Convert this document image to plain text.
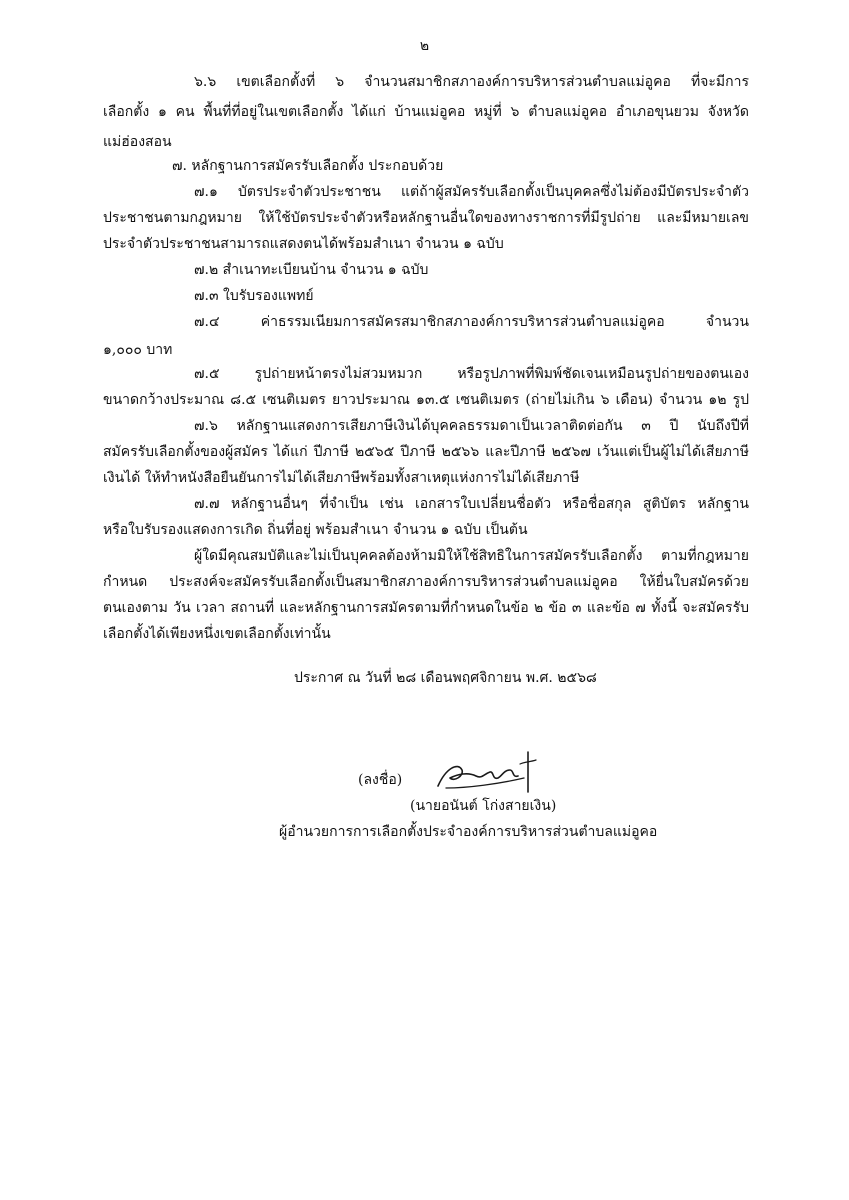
๒
๖.๖ เขตเลือกตั้งที่ ๖ จำนวนสมาชิกสภาองค์การบริหารส่วนตำบลแม่อูคอ ที่จะมีการ
เลือกตั้ง ๑ คน พื้นที่ที่อยู่ในเขตเลือกตั้ง ได้แก่ บ้านแม่อูคอ หมู่ที่ ๖ ตำบลแม่อูคอ อำเภอขุนยวม จังหวัด
แม่ฮ่องสอน
๗. หลักฐานการสมัครรับเลือกตั้ง ประกอบด้วย
๗.๑ บัตรประจำตัวประชาชน แต่ถ้าผู้สมัครรับเลือกตั้งเป็นบุคคลซึ่งไม่ต้องมีบัตรประจำตัว
ประชาชนตามกฎหมาย ให้ใช้บัตรประจำตัวหรือหลักฐานอื่นใดของทางราชการที่มีรูปถ่าย และมีหมายเลข
ประจำตัวประชาชนสามารถแสดงตนได้พร้อมสำเนา จำนวน ๑ ฉบับ
๗.๒ สำเนาทะเบียนบ้าน จำนวน ๑ ฉบับ
๗.๓ ใบรับรองแพทย์
๗.๔ ค่าธรรมเนียมการสมัครสมาชิกสภาองค์การบริหารส่วนตำบลแม่อูคอ จำนวน
๑,๐๐๐ บาท
๗.๕ รูปถ่ายหน้าตรงไม่สวมหมวก หรือรูปภาพที่พิมพ์ชัดเจนเหมือนรูปถ่ายของตนเอง
ขนาดกว้างประมาณ ๘.๕ เซนติเมตร ยาวประมาณ ๑๓.๕ เซนติเมตร (ถ่ายไม่เกิน ๖ เดือน) จำนวน ๑๒ รูป
๗.๖ หลักฐานแสดงการเสียภาษีเงินได้บุคคลธรรมดาเป็นเวลาติดต่อกัน ๓ ปี นับถึงปีที่
สมัครรับเลือกตั้งของผู้สมัคร ได้แก่ ปีภาษี ๒๕๖๕ ปีภาษี ๒๕๖๖ และปีภาษี ๒๕๖๗ เว้นแต่เป็นผู้ไม่ได้เสียภาษี
เงินได้ ให้ทำหนังสือยืนยันการไม่ได้เสียภาษีพร้อมทั้งสาเหตุแห่งการไม่ได้เสียภาษี
๗.๗ หลักฐานอื่นๆ ที่จำเป็น เช่น เอกสารใบเปลี่ยนชื่อตัว หรือชื่อสกุล สูติบัตร หลักฐาน
หรือใบรับรองแสดงการเกิด ถิ่นที่อยู่ พร้อมสำเนา จำนวน ๑ ฉบับ เป็นต้น
ผู้ใดมีคุณสมบัติและไม่เป็นบุคคลต้องห้ามมิให้ใช้สิทธิในการสมัครรับเลือกตั้ง ตามที่กฎหมาย
กำหนด ประสงค์จะสมัครรับเลือกตั้งเป็นสมาชิกสภาองค์การบริหารส่วนตำบลแม่อูคอ ให้ยื่นใบสมัครด้วย
ตนเองตาม วัน เวลา สถานที่ และหลักฐานการสมัครตามที่กำหนดในข้อ ๒ ข้อ ๓ และข้อ ๗ ทั้งนี้ จะสมัครรับ
เลือกตั้งได้เพียงหนึ่งเขตเลือกตั้งเท่านั้น
ประกาศ ณ วันที่ ๒๘ เดือนพฤศจิกายน พ.ศ. ๒๕๖๘
(ลงชื่อ)
(นายอนันต์ โก่งสายเงิน)
ผู้อำนวยการการเลือกตั้งประจำองค์การบริหารส่วนตำบลแม่อูคอ
